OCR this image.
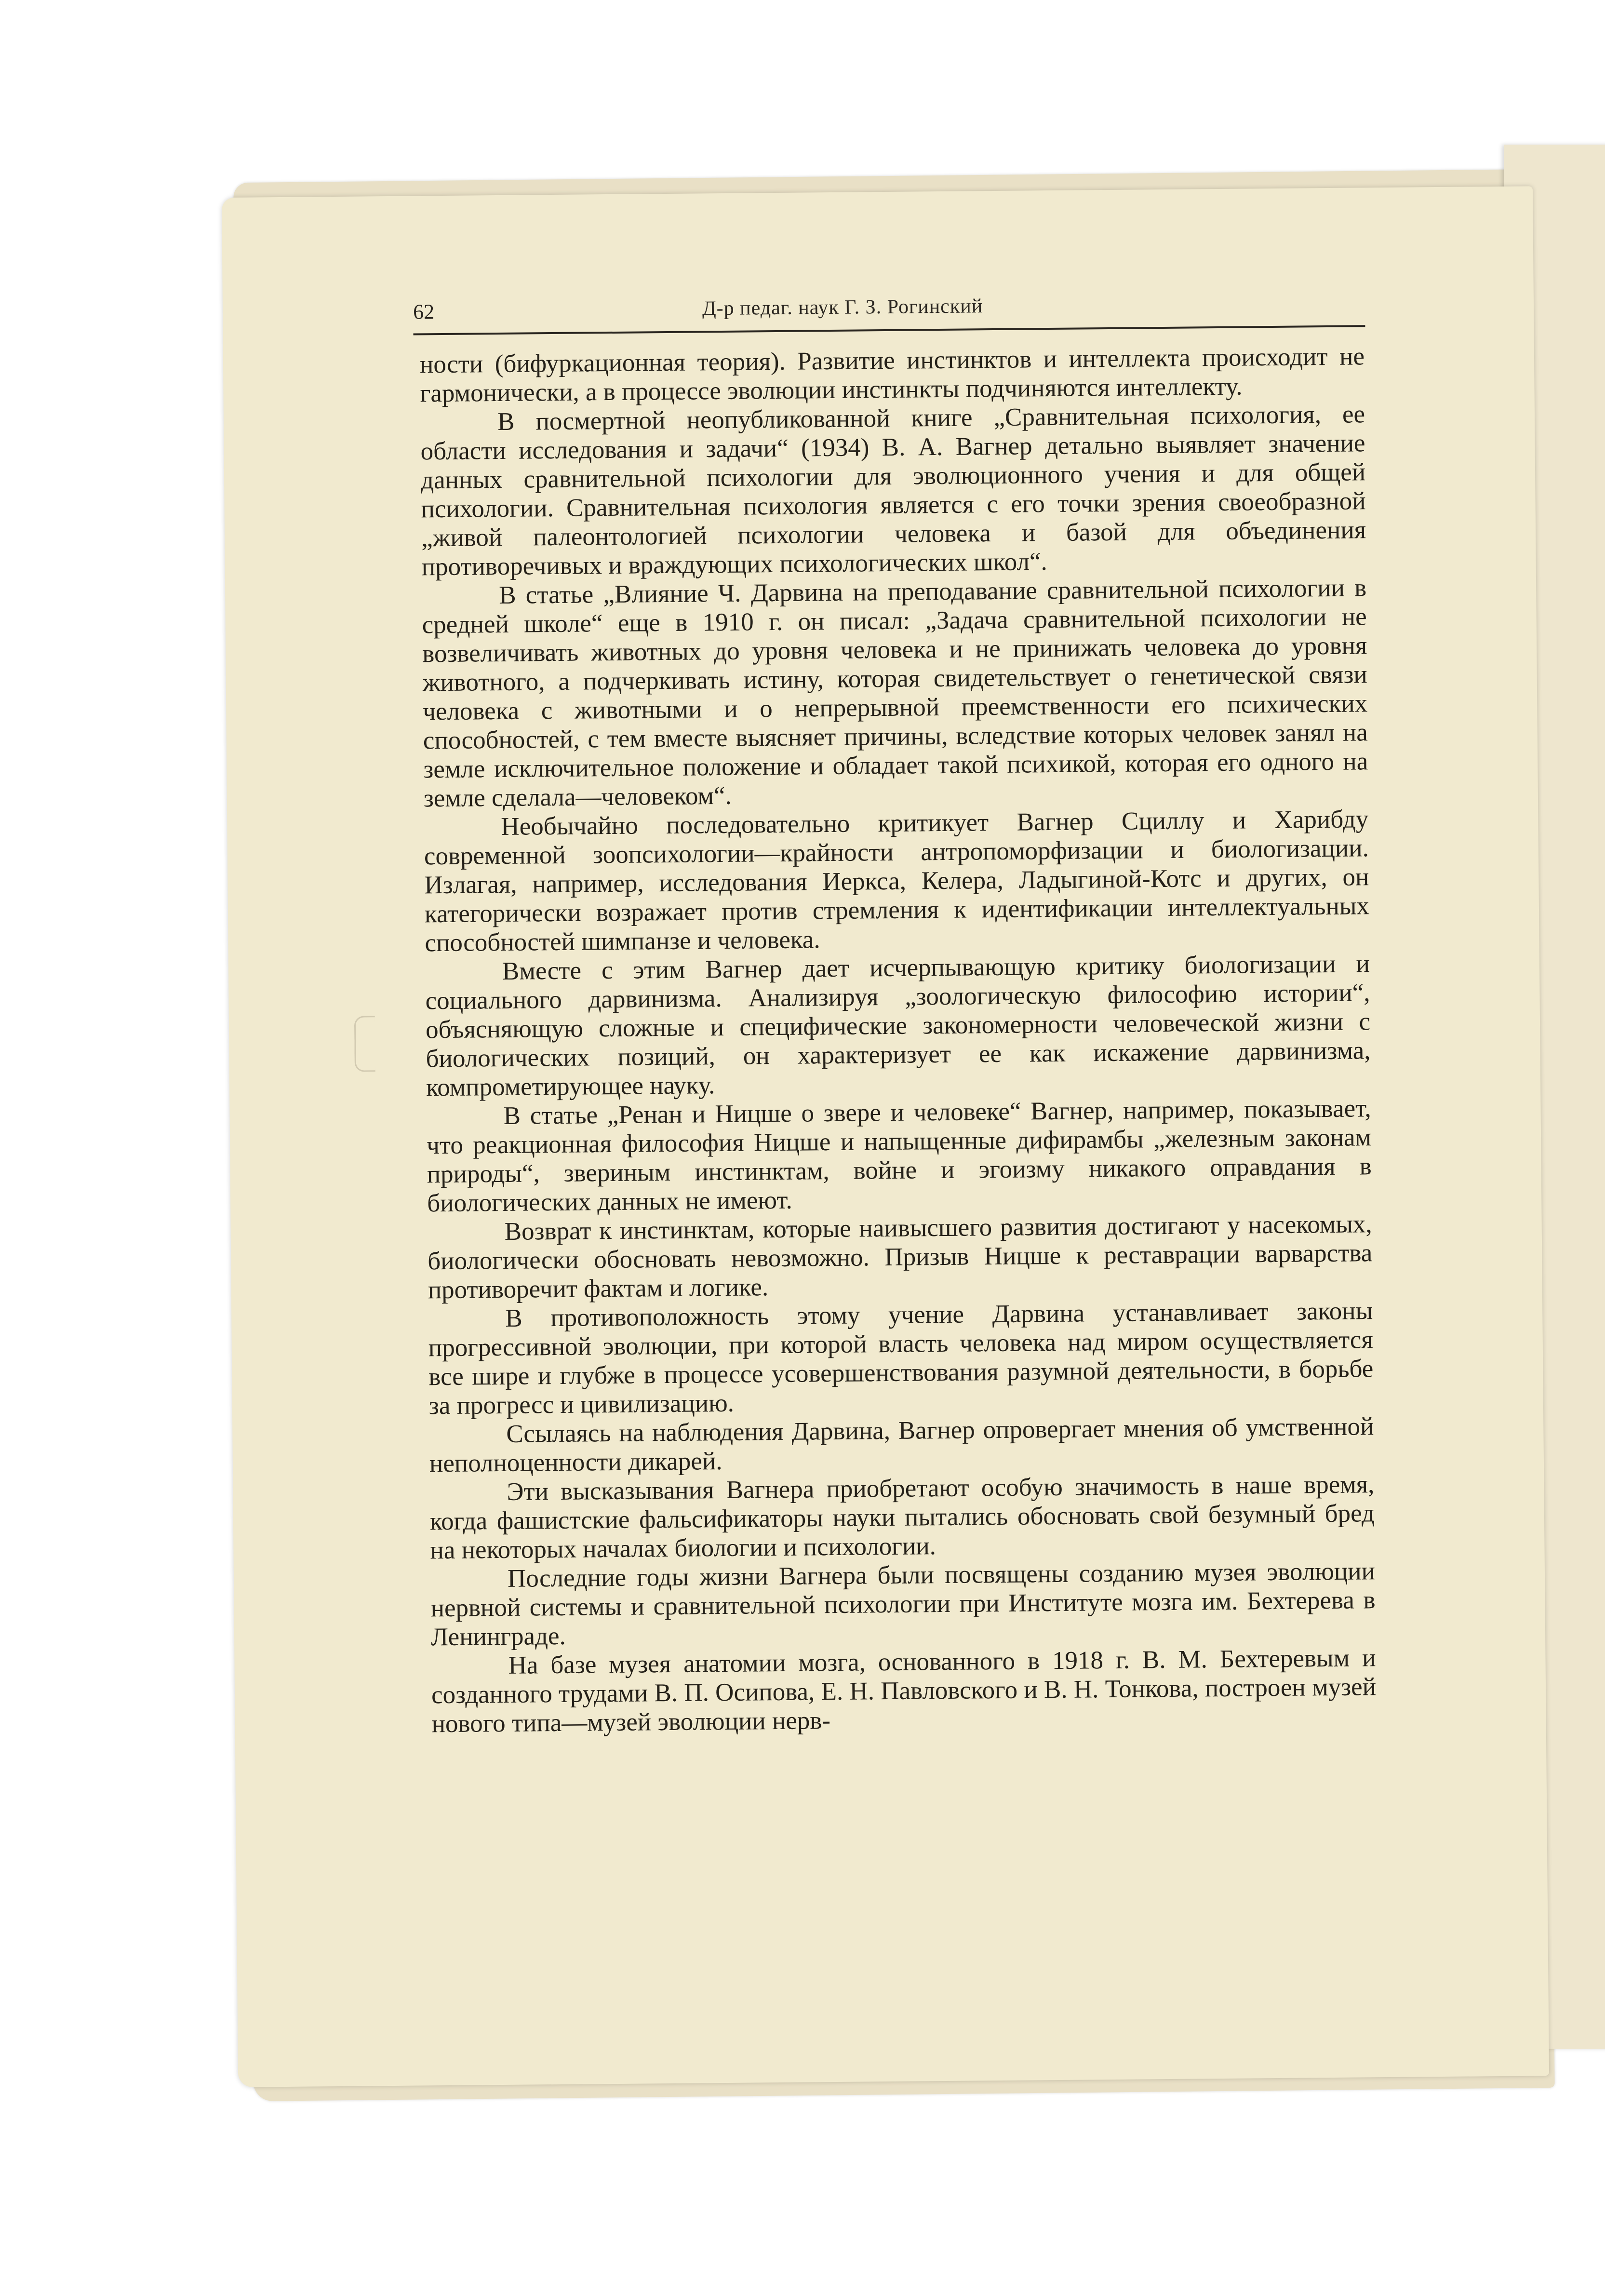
62	Д-р педаг. наук Г. З. Рогинский

ности (бифуркационная теория). Развитие инстинктов и интеллекта происходит не гармонически, а в процессе эволюции инстинкты подчиняются интеллекту.

В посмертной неопубликованной книге „Сравнительная психология, ее области исследования и задачи“ (1934) В. А. Вагнер детально выявляет значение данных сравнительной психологии для эволюционного учения и для общей психологии. Сравнительная психология является с его точки зрения своеобразной „живой палеонтологией психологии человека и базой для объединения противоречивых и враждующих психологических школ“.

В статье „Влияние Ч. Дарвина на преподавание сравнительной психологии в средней школе“ еще в 1910 г. он писал: „Задача сравнительной психологии не возвеличивать животных до уровня человека и не принижать человека до уровня животного, а подчеркивать истину, которая свидетельствует о генетической связи человека с животными и о непрерывной преемственности его психических способностей, с тем вместе выясняет причины, вследствие которых человек занял на земле исключительное положение и обладает такой психикой, которая его одного на земле сделала—человеком“.

Необычайно последовательно критикует Вагнер Сциллу и Харибду современной зоопсихологии—крайности антропоморфизации и биологизации. Излагая, например, исследования Иеркса, Келера, Ладыгиной-Котс и других, он категорически возражает против стремления к идентификации интеллектуальных способностей шимпанзе и человека.

Вместе с этим Вагнер дает исчерпывающую критику биологизации и социального дарвинизма. Анализируя „зоологическую философию истории“, объясняющую сложные и специфические закономерности человеческой жизни с биологических позиций, он характеризует ее как искажение дарвинизма, компрометирующее науку.

В статье „Ренан и Ницше о звере и человеке“ Вагнер, например, показывает, что реакционная философия Ницше и напыщенные дифирамбы „железным законам природы“, звериным инстинктам, войне и эгоизму никакого оправдания в биологических данных не имеют.

Возврат к инстинктам, которые наивысшего развития достигают у насекомых, биологически обосновать невозможно. Призыв Ницше к реставрации варварства противоречит фактам и логике.

В противоположность этому учение Дарвина устанавливает законы прогрессивной эволюции, при которой власть человека над миром осуществляется все шире и глубже в процессе усовершенствования разумной деятельности, в борьбе за прогресс и цивилизацию.

Ссылаясь на наблюдения Дарвина, Вагнер опровергает мнения об умственной неполноценности дикарей.

Эти высказывания Вагнера приобретают особую значимость в наше время, когда фашистские фальсификаторы науки пытались обосновать свой безумный бред на некоторых началах биологии и психологии.

Последние годы жизни Вагнера были посвящены созданию музея эволюции нервной системы и сравнительной психологии при Институте мозга им. Бехтерева в Ленинграде.

На базе музея анатомии мозга, основанного в 1918 г. В. М. Бехтеревым и созданного трудами В. П. Осипова, Е. Н. Павловского и В. Н. Тонкова, построен музей нового типа—музей эволюции нерв-
